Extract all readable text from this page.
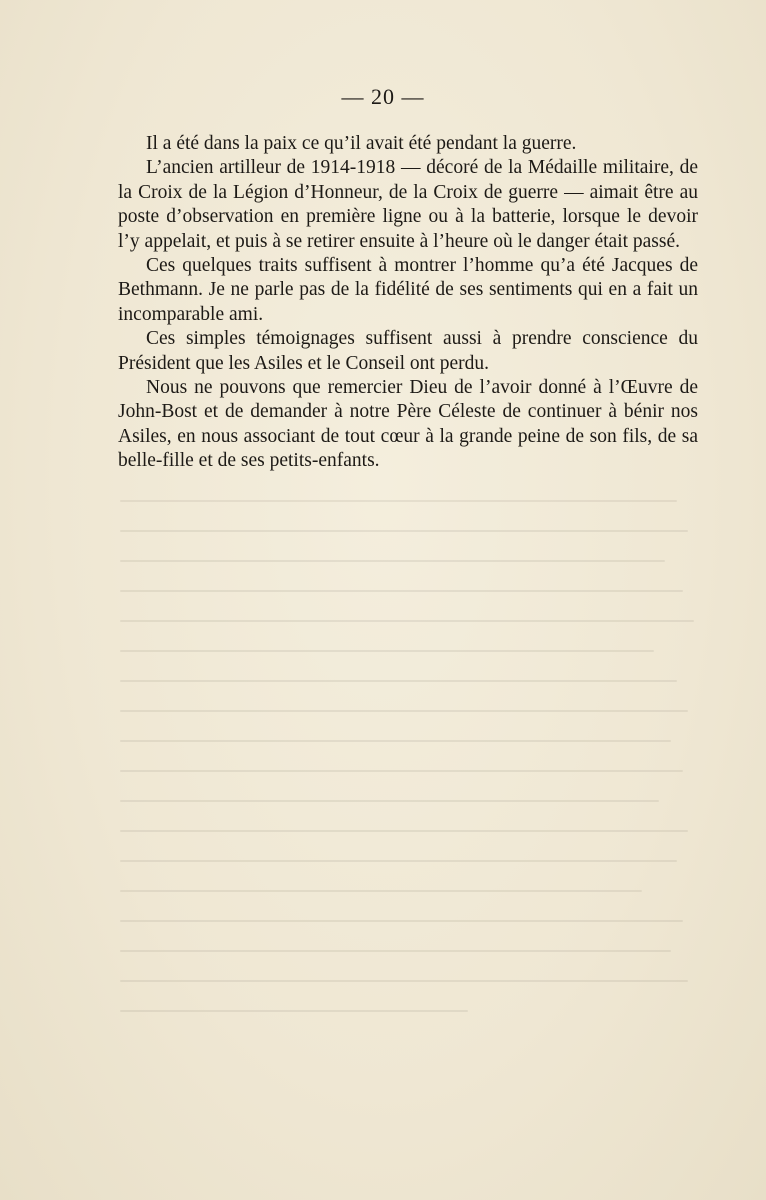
— 20 —

Il a été dans la paix ce qu’il avait été pendant la guerre.

L’ancien artilleur de 1914-1918 — décoré de la Médaille militaire, de la Croix de la Légion d’Honneur, de la Croix de guerre — aimait être au poste d’observation en première ligne ou à la batterie, lorsque le devoir l’y appelait, et puis à se retirer ensuite à l’heure où le danger était passé.

Ces quelques traits suffisent à montrer l’homme qu’a été Jacques de Bethmann. Je ne parle pas de la fidélité de ses sentiments qui en a fait un incomparable ami.

Ces simples témoignages suffisent aussi à prendre conscience du Président que les Asiles et le Conseil ont perdu.

Nous ne pouvons que remercier Dieu de l’avoir donné à l’Œuvre de John-Bost et de demander à notre Père Céleste de continuer à bénir nos Asiles, en nous associant de tout cœur à la grande peine de son fils, de sa belle-fille et de ses petits-enfants.
